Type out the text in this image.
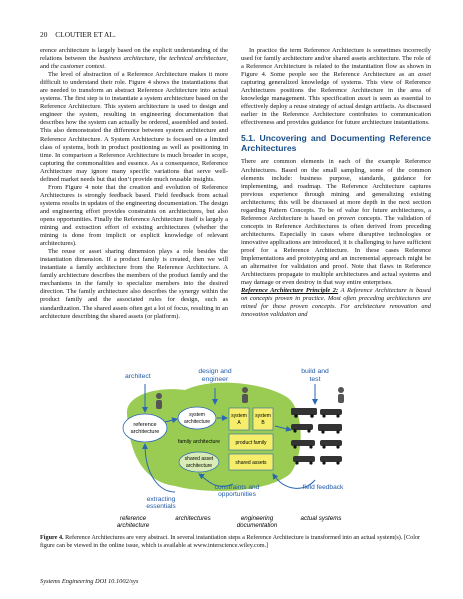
20 CLOUTIER ET AL.

erence architecture is largely based on the explicit understanding of the relations between the business architecture, the technical architecture, and the customer context.

The level of abstraction of a Reference Architecture makes it more difficult to understand their role. Figure 4 shows the instantiations that are needed to transform an abstract Reference Architecture into actual systems. The first step is to instantiate a system architecture based on the Reference Architecture. This system architecture is used to design and engineer the system, resulting in engineering documentation that describes how the system can actually be ordered, assembled and tested. This also demonstrated the difference between system architecture and Reference Architecture. A System Architecture is focused on a limited class of systems, both in product positioning as well as positioning in time. In comparison a Reference Architecture is much broader in scope, capturing the commonalities and essence. As a consequence, Reference Architecture may ignore many specific variations that serve well-defined market needs but that don’t provide much reusable insights.

From Figure 4 note that the creation and evolution of Reference Architectures is strongly feedback based. Field feedback from actual systems results in updates of the engineering documentation. The design and engineering effort provides constraints on architectures, but also opens opportunities. Finally the Reference Architecture itself is largely a mining and extraction effort of existing architectures (whether the mining is done from implicit or explicit knowledge of relevant architectures).

The reuse or asset sharing dimension plays a role besides the instantiation dimension. If a product family is created, then we will instantiate a family architecture from the Reference Architecture. A family architecture describes the members of the product family and the mechanisms in the family to specialize members into the desired direction. The family architecture also describes the synergy within the product family and the associated rules for design, such as standardization. The shared assets often get a lot of focus, resulting in an architecture describing the shared assets (or platform).

In practice the term Reference Architecture is sometimes incorrectly used for family architecture and/or shared assets architecture. The role of a Reference Architecture is related to the instantiation flow as shown in Figure 4. Some people see the Reference Architecture as an asset capturing generalized knowledge of systems. This view of Reference Architectures positions the Reference Architecture in the area of knowledge management. This specification asset is seen as essential to effectively deploy a reuse strategy of actual design artifacts. As discussed earlier in the Reference Architecture contributes to communication effectiveness and provides guidance for future architecture instantiations.

5.1. Uncovering and Documenting Reference Architectures

There are common elements in each of the example Reference Architectures. Based on the small sampling, some of the common elements include: business purpose, standards, guidance for implementing, and roadmap. The Reference Architecture captures previous experience through mining and generalizing existing architectures; this will be discussed at more depth in the next section regarding Pattern Concepts. To be of value for future architectures, a Reference Architecture is based on proven concepts. The validation of concepts in Reference Architectures is often derived from preceding architectures. Especially in cases where disruptive technologies or innovative applications are introduced, it is challenging to have sufficient proof for a Reference Architecture. In these cases Reference Implementations and prototyping and an incremental approach might be an alternative for validation and proof. Note that flaws in Reference Architectures propagate to multiple architectures and actual systems and may damage or even destroy in that way entire enterprises.

Reference Architecture Principle 2: A Reference Architecture is based on concepts proven in practice. Most often preceding architectures are mined for these proven concepts. For architecture renovation and innovation validation and

reference
architecture
system
architecture
family architecture
shared asset
architecture
system
A
system
B
product family
shared assets
architect
design and
engineer
build and
test
extracting
essentials
constraints and
opportunities
field feedback
reference
architecture
architectures	engineering
documentation
actual systems
Figure 4. Reference Architectures are very abstract. In several instantiation steps a Reference Architecture is transformed into an actual system(s). [Color figure can be viewed in the online issue, which is available at www.interscience.wiley.com.]
Systems Engineering DOI 10.1002/sys
